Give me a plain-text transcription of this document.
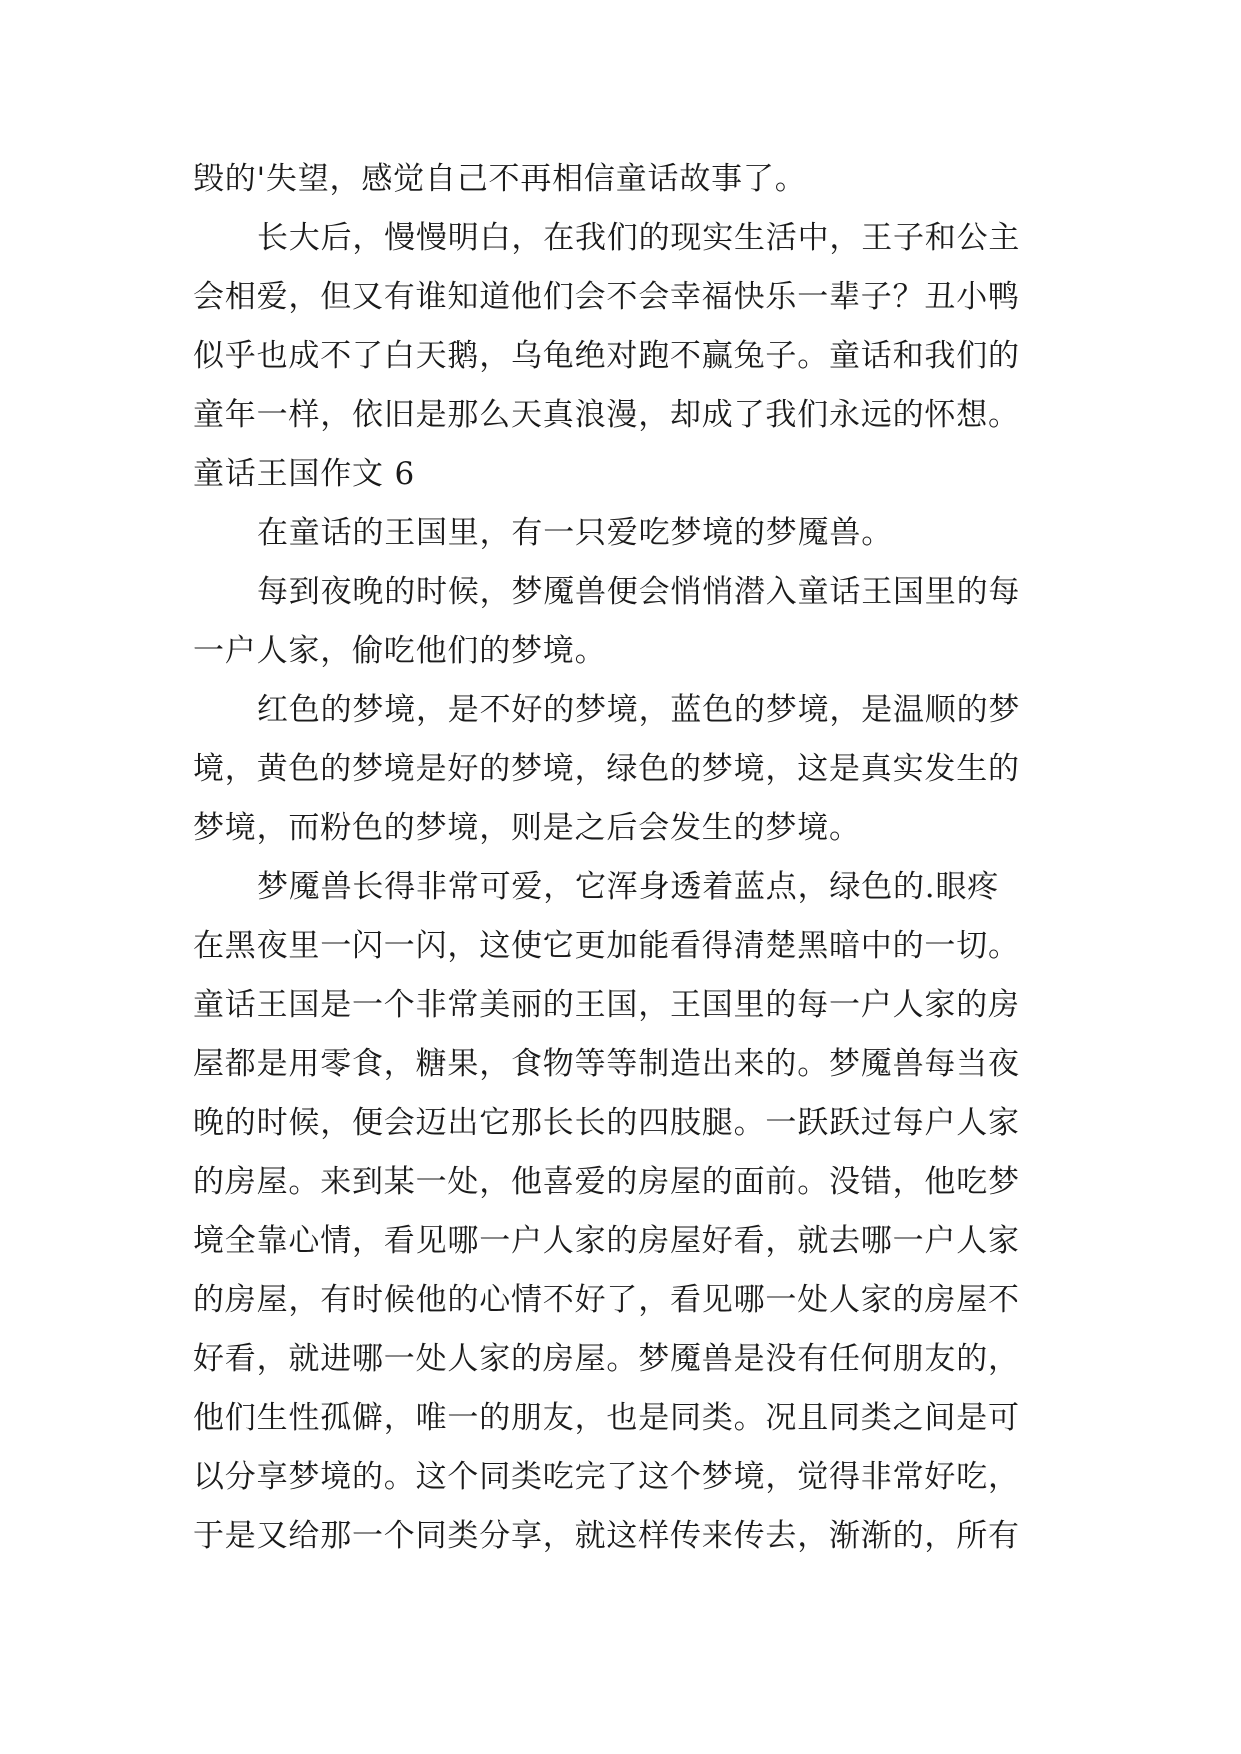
毁的'失望，感觉自己不再相信童话故事了。
长大后，慢慢明白，在我们的现实生活中，王子和公主
会相爱，但又有谁知道他们会不会幸福快乐一辈子？丑小鸭
似乎也成不了白天鹅，乌龟绝对跑不赢兔子。童话和我们的
童年一样，依旧是那么天真浪漫，却成了我们永远的怀想。
童话王国作文 6
在童话的王国里，有一只爱吃梦境的梦魇兽。
每到夜晚的时候，梦魇兽便会悄悄潜入童话王国里的每
一户人家，偷吃他们的梦境。
红色的梦境，是不好的梦境，蓝色的梦境，是温顺的梦
境，黄色的梦境是好的梦境，绿色的梦境，这是真实发生的
梦境，而粉色的梦境，则是之后会发生的梦境。
梦魇兽长得非常可爱，它浑身透着蓝点，绿色的.眼疼
在黑夜里一闪一闪，这使它更加能看得清楚黑暗中的一切。
童话王国是一个非常美丽的王国，王国里的每一户人家的房
屋都是用零食，糖果，食物等等制造出来的。梦魇兽每当夜
晚的时候，便会迈出它那长长的四肢腿。一跃跃过每户人家
的房屋。来到某一处，他喜爱的房屋的面前。没错，他吃梦
境全靠心情，看见哪一户人家的房屋好看，就去哪一户人家
的房屋，有时候他的心情不好了，看见哪一处人家的房屋不
好看，就进哪一处人家的房屋。梦魇兽是没有任何朋友的，
他们生性孤僻，唯一的朋友，也是同类。况且同类之间是可
以分享梦境的。这个同类吃完了这个梦境，觉得非常好吃，
于是又给那一个同类分享，就这样传来传去，渐渐的，所有
